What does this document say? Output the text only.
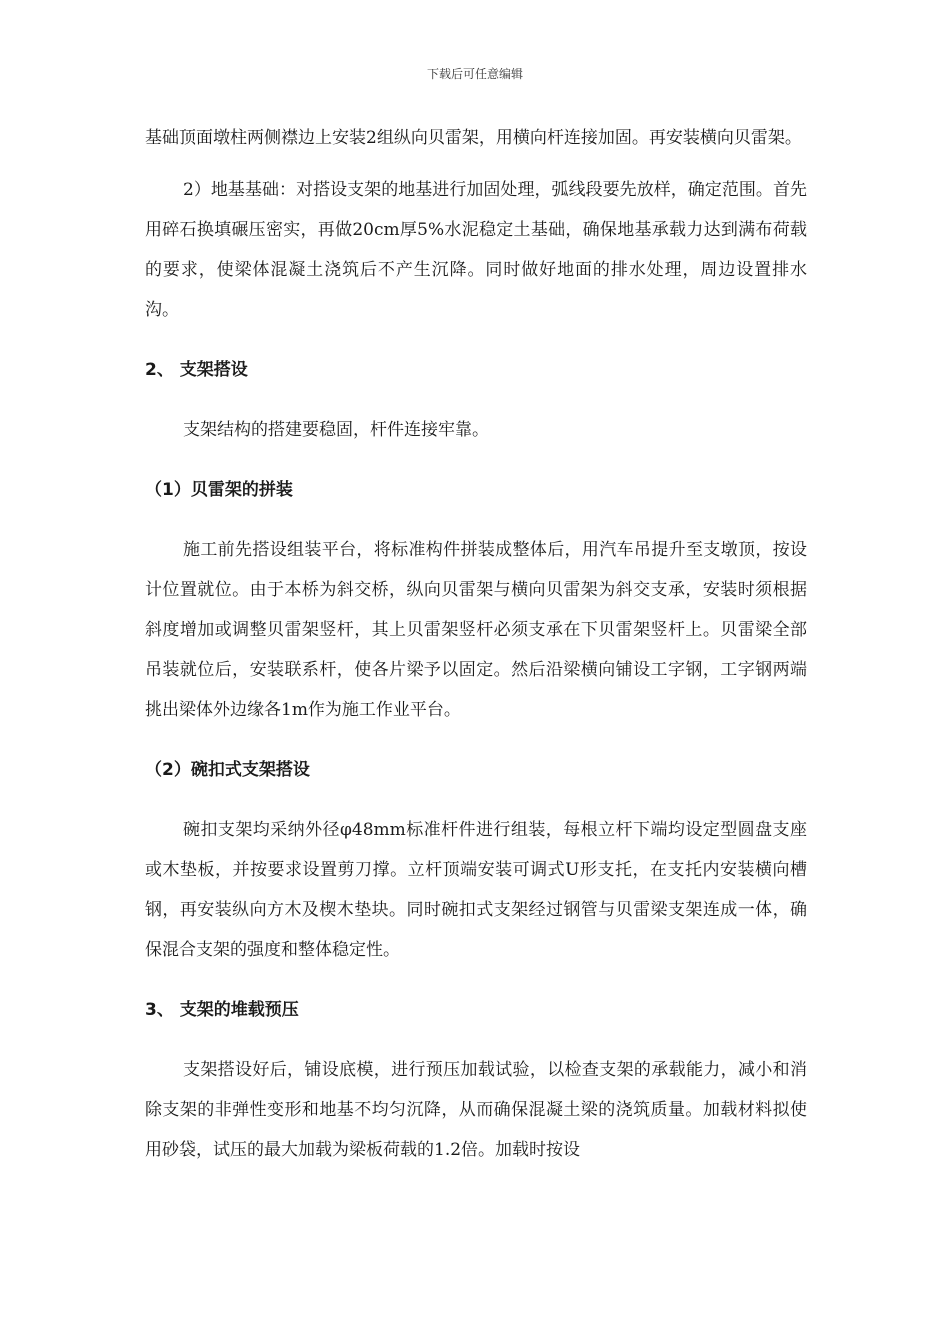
下载后可任意编辑

基础顶面墩柱两侧襟边上安装2组纵向贝雷架，用横向杆连接加固。再安装横向贝雷架。

2）地基基础：对搭设支架的地基进行加固处理，弧线段要先放样，确定范围。首先用碎石换填碾压密实，再做20cm厚5%水泥稳定土基础，确保地基承载力达到满布荷载的要求，使梁体混凝土浇筑后不产生沉降。同时做好地面的排水处理，周边设置排水沟。

2、 支架搭设

支架结构的搭建要稳固，杆件连接牢靠。

（1）贝雷架的拼装

施工前先搭设组装平台，将标准构件拼装成整体后，用汽车吊提升至支墩顶，按设计位置就位。由于本桥为斜交桥，纵向贝雷架与横向贝雷架为斜交支承，安装时须根据斜度增加或调整贝雷架竖杆，其上贝雷架竖杆必须支承在下贝雷架竖杆上。贝雷梁全部吊装就位后，安装联系杆，使各片梁予以固定。然后沿梁横向铺设工字钢，工字钢两端挑出梁体外边缘各1m作为施工作业平台。

（2）碗扣式支架搭设

碗扣支架均采纳外径φ48mm标准杆件进行组装，每根立杆下端均设定型圆盘支座或木垫板，并按要求设置剪刀撑。立杆顶端安装可调式U形支托，在支托内安装横向槽钢，再安装纵向方木及楔木垫块。同时碗扣式支架经过钢管与贝雷梁支架连成一体，确保混合支架的强度和整体稳定性。

3、 支架的堆载预压

支架搭设好后，铺设底模，进行预压加载试验，以检查支架的承载能力，减小和消除支架的非弹性变形和地基不均匀沉降，从而确保混凝土梁的浇筑质量。加载材料拟使用砂袋，试压的最大加载为梁板荷载的1.2倍。加载时按设
